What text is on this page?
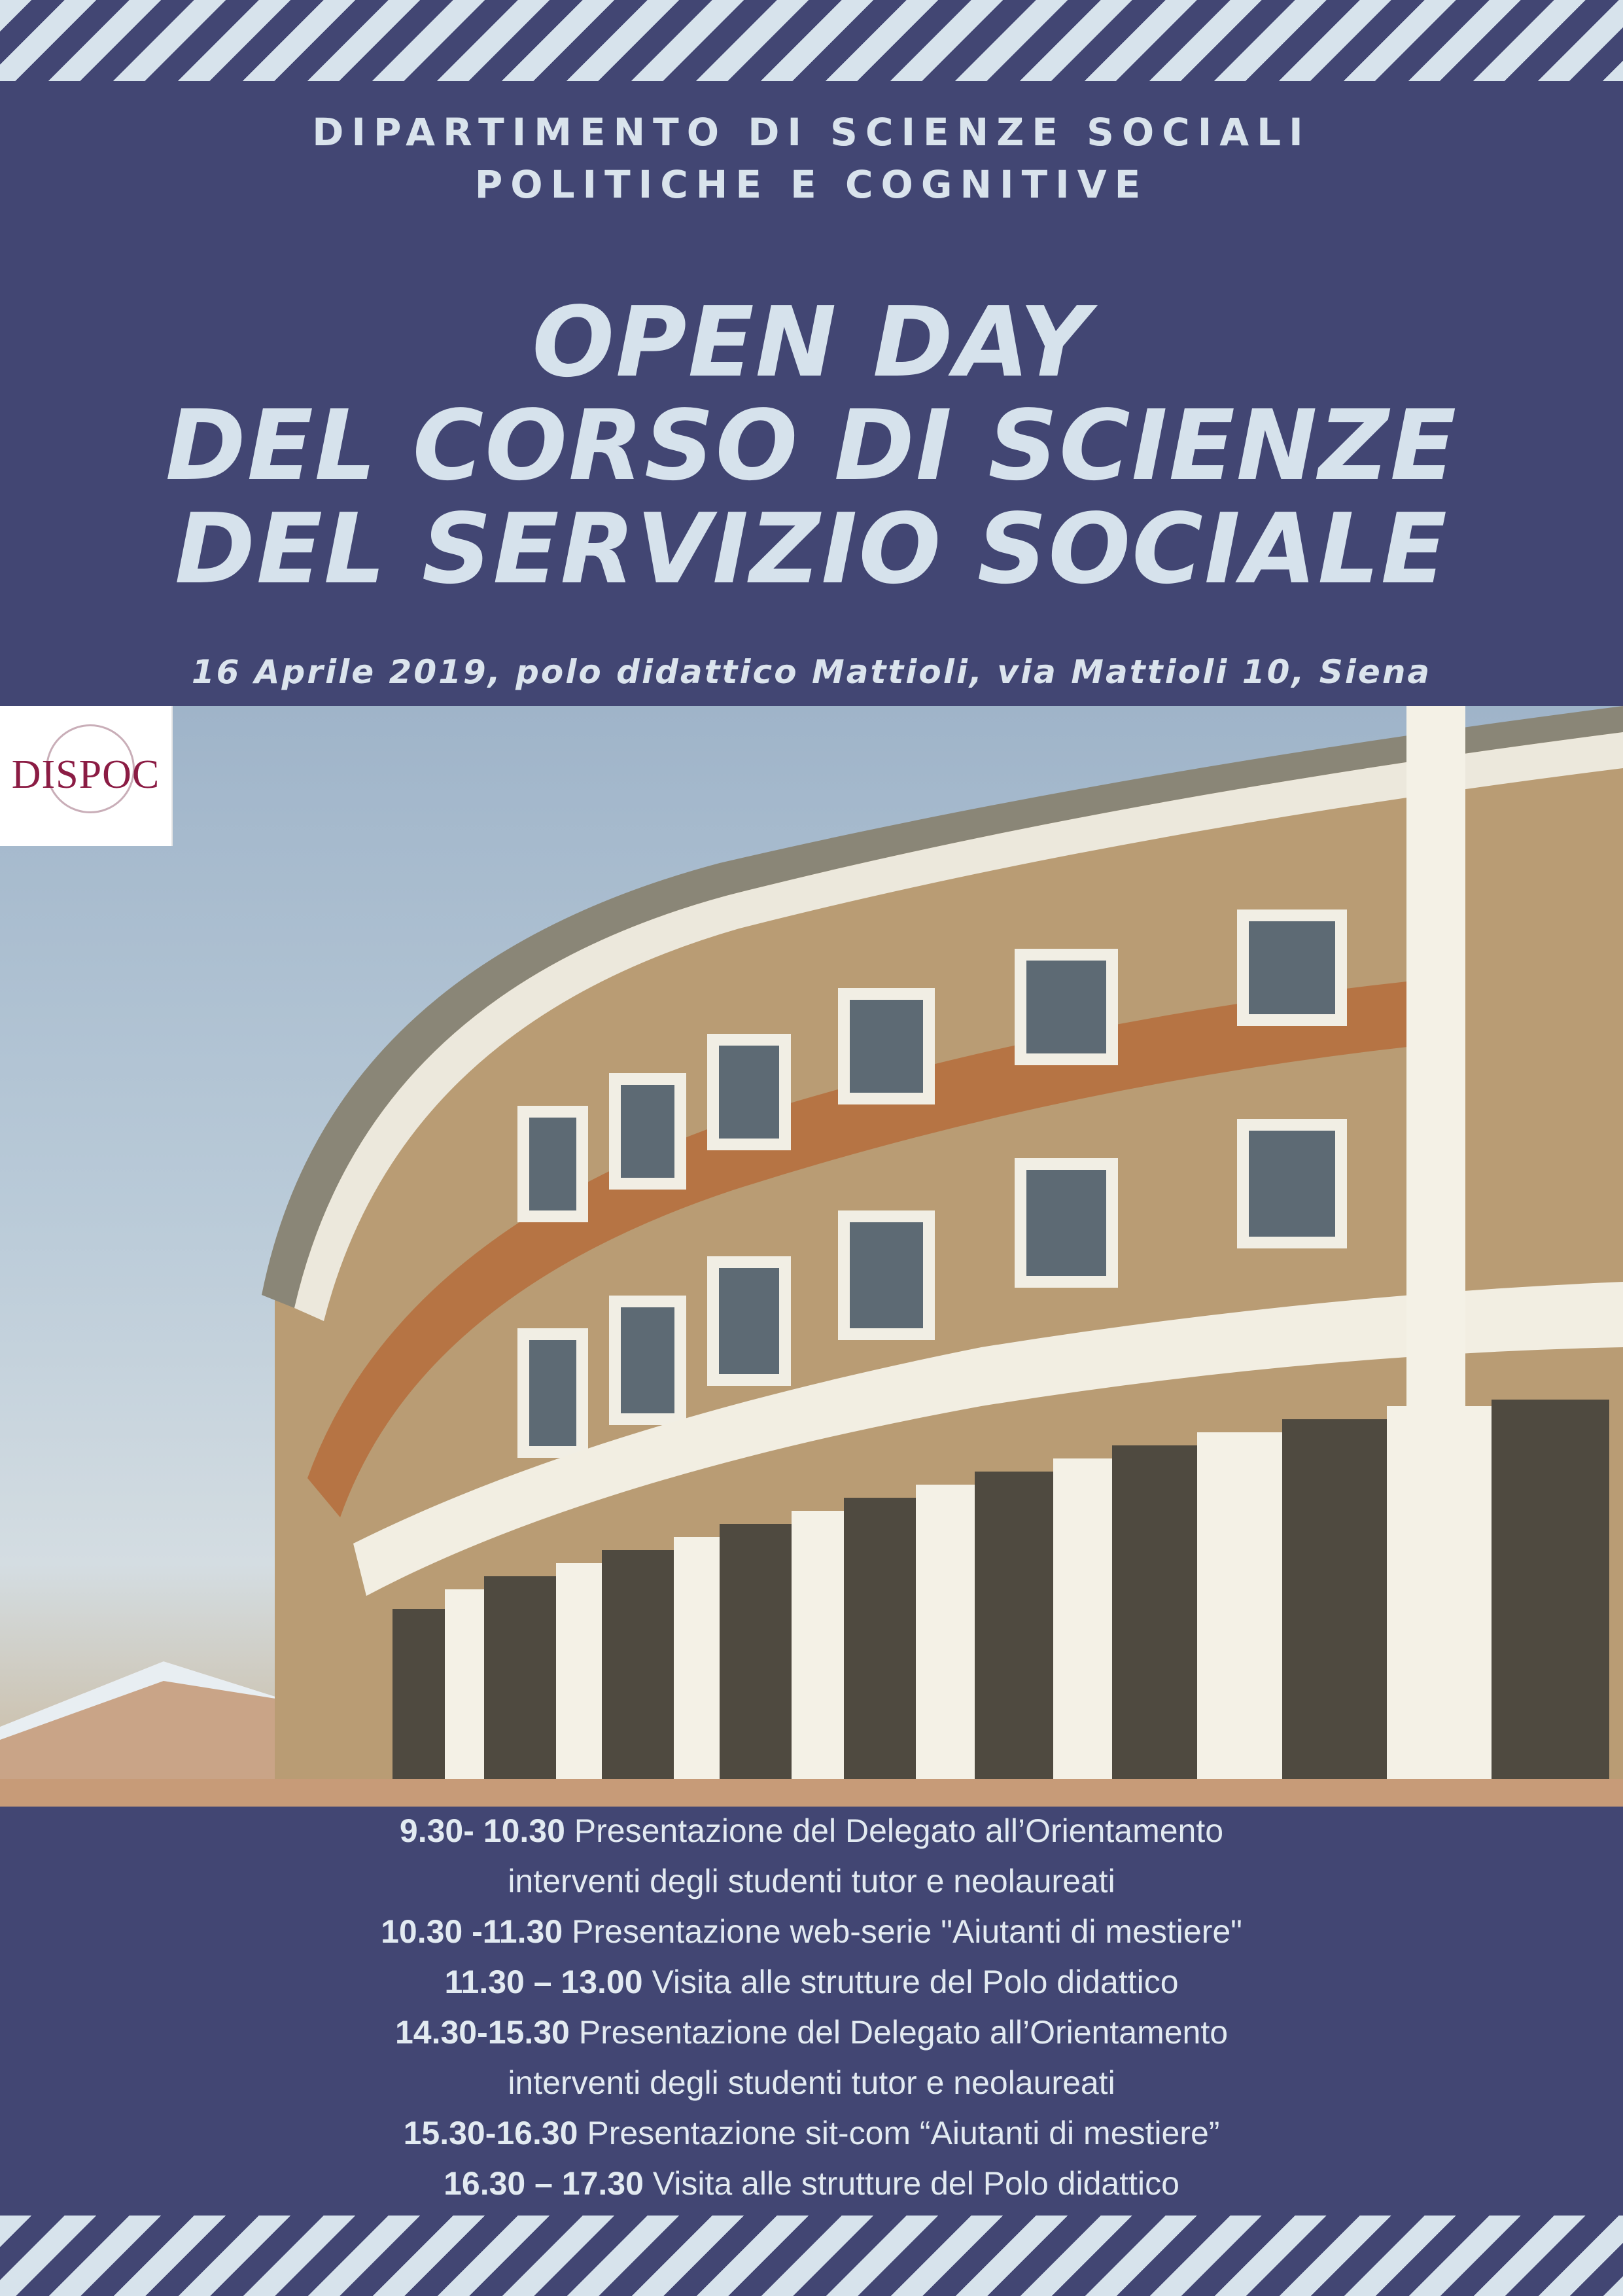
DIPARTIMENTO DI SCIENZE SOCIALI
POLITICHE E COGNITIVE
OPEN DAY
DEL CORSO DI SCIENZE
DEL SERVIZIO SOCIALE

16 Aprile 2019, polo didattico Mattioli, via Mattioli 10, Siena

DISPOC
9.30- 10.30 Presentazione del Delegato all’Orientamento
interventi degli studenti tutor e neolaureati
10.30 -11.30 Presentazione web-serie "Aiutanti di mestiere"
11.30 – 13.00 Visita alle strutture del Polo didattico
14.30-15.30 Presentazione del Delegato all’Orientamento
interventi degli studenti tutor e neolaureati
15.30-16.30 Presentazione sit-com “Aiutanti di mestiere”
16.30 – 17.30 Visita alle strutture del Polo didattico
